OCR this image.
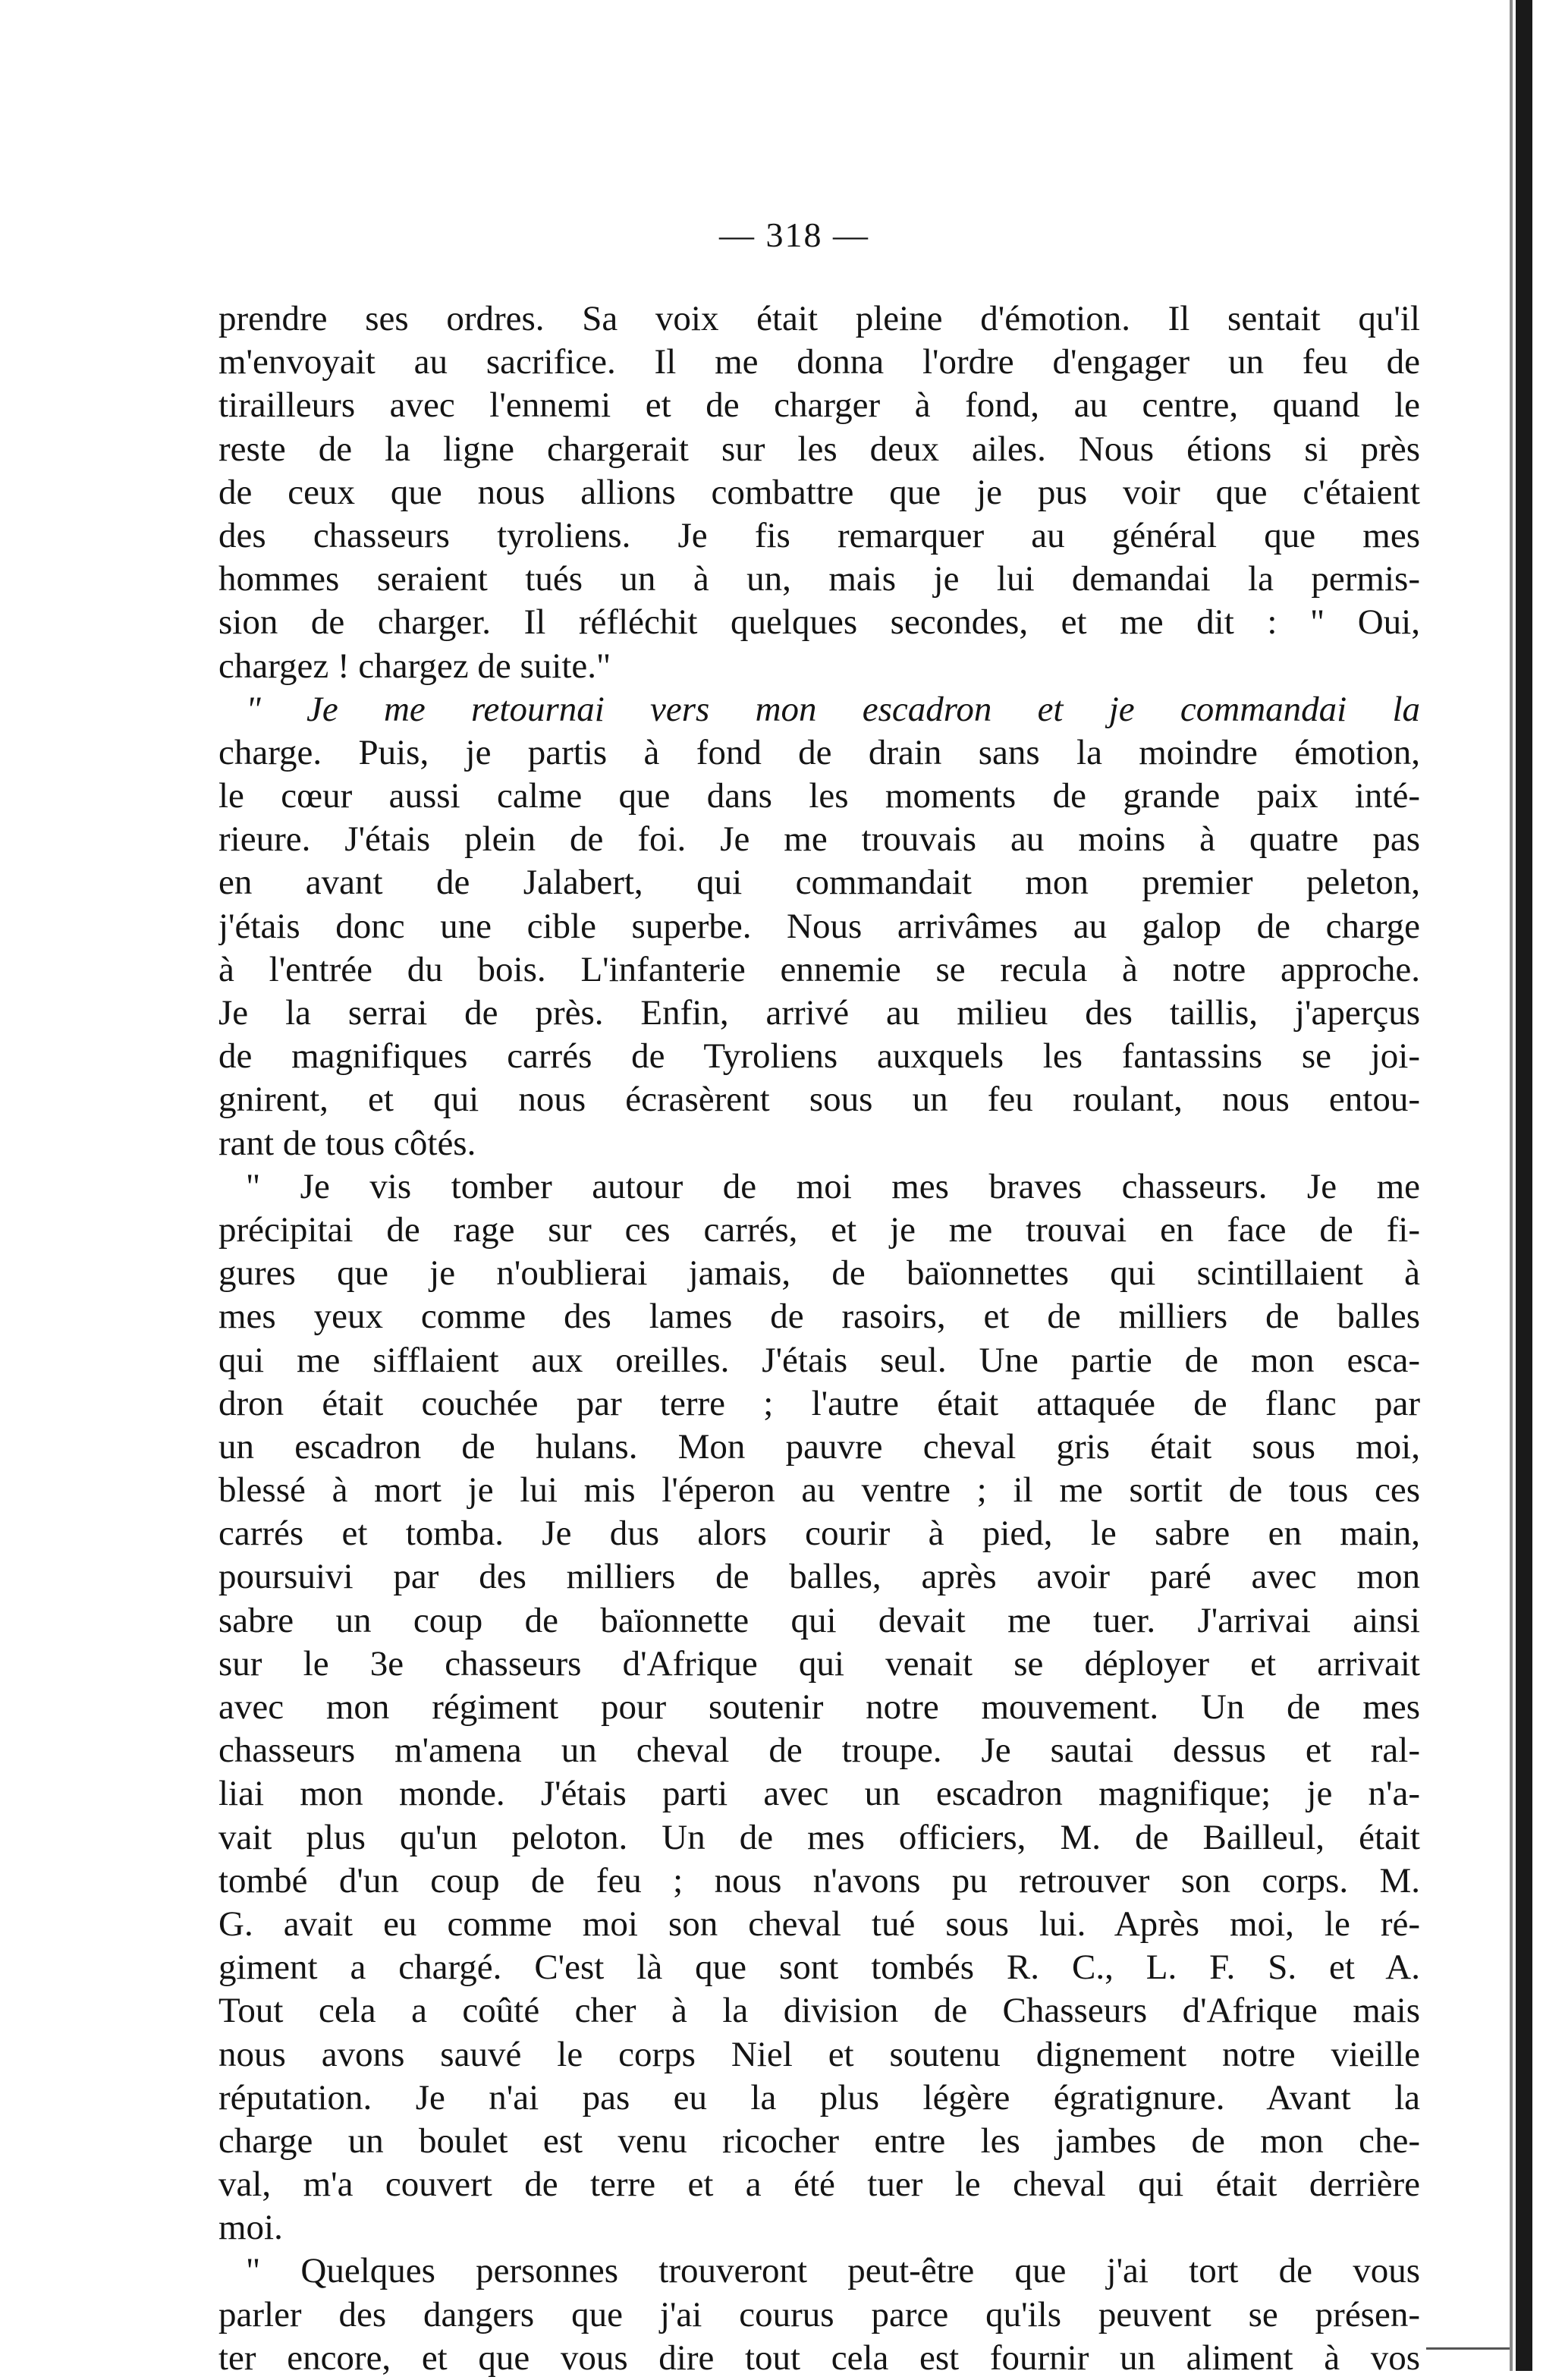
— 318 —
prendre ses ordres. Sa voix était pleine d'émotion. Il sentait qu'il
m'envoyait au sacrifice. Il me donna l'ordre d'engager un feu de
tirailleurs avec l'ennemi et de charger à fond, au centre, quand le
reste de la ligne chargerait sur les deux ailes. Nous étions si près
de ceux que nous allions combattre que je pus voir que c'étaient
des chasseurs tyroliens. Je fis remarquer au général que mes
hommes seraient tués un à un, mais je lui demandai la permis-
sion de charger. Il réfléchit quelques secondes, et me dit : " Oui,
chargez ! chargez de suite."
" Je me retournai vers mon escadron et je commandai la
charge. Puis, je partis à fond de drain sans la moindre émotion,
le cœur aussi calme que dans les moments de grande paix inté-
rieure. J'étais plein de foi. Je me trouvais au moins à quatre pas
en avant de Jalabert, qui commandait mon premier peleton,
j'étais donc une cible superbe. Nous arrivâmes au galop de charge
à l'entrée du bois. L'infanterie ennemie se recula à notre approche.
Je la serrai de près. Enfin, arrivé au milieu des taillis, j'aperçus
de magnifiques carrés de Tyroliens auxquels les fantassins se joi-
gnirent, et qui nous écrasèrent sous un feu roulant, nous entou-
rant de tous côtés.
" Je vis tomber autour de moi mes braves chasseurs. Je me
précipitai de rage sur ces carrés, et je me trouvai en face de fi-
gures que je n'oublierai jamais, de baïonnettes qui scintillaient à
mes yeux comme des lames de rasoirs, et de milliers de balles
qui me sifflaient aux oreilles. J'étais seul. Une partie de mon esca-
dron était couchée par terre ; l'autre était attaquée de flanc par
un escadron de hulans. Mon pauvre cheval gris était sous moi,
blessé à mort je lui mis l'éperon au ventre ; il me sortit de tous ces
carrés et tomba. Je dus alors courir à pied, le sabre en main,
poursuivi par des milliers de balles, après avoir paré avec mon
sabre un coup de baïonnette qui devait me tuer. J'arrivai ainsi
sur le 3e chasseurs d'Afrique qui venait se déployer et arrivait
avec mon régiment pour soutenir notre mouvement. Un de mes
chasseurs m'amena un cheval de troupe. Je sautai dessus et ral-
liai mon monde. J'étais parti avec un escadron magnifique; je n'a-
vait plus qu'un peloton. Un de mes officiers, M. de Bailleul, était
tombé d'un coup de feu ; nous n'avons pu retrouver son corps. M.
G. avait eu comme moi son cheval tué sous lui. Après moi, le ré-
giment a chargé. C'est là que sont tombés R. C., L. F. S. et A.
Tout cela a coûté cher à la division de Chasseurs d'Afrique mais
nous avons sauvé le corps Niel et soutenu dignement notre vieille
réputation. Je n'ai pas eu la plus légère égratignure. Avant la
charge un boulet est venu ricocher entre les jambes de mon che-
val, m'a couvert de terre et a été tuer le cheval qui était derrière
moi.
" Quelques personnes trouveront peut-être que j'ai tort de vous
parler des dangers que j'ai courus parce qu'ils peuvent se présen-
ter encore, et que vous dire tout cela est fournir un aliment à vos
